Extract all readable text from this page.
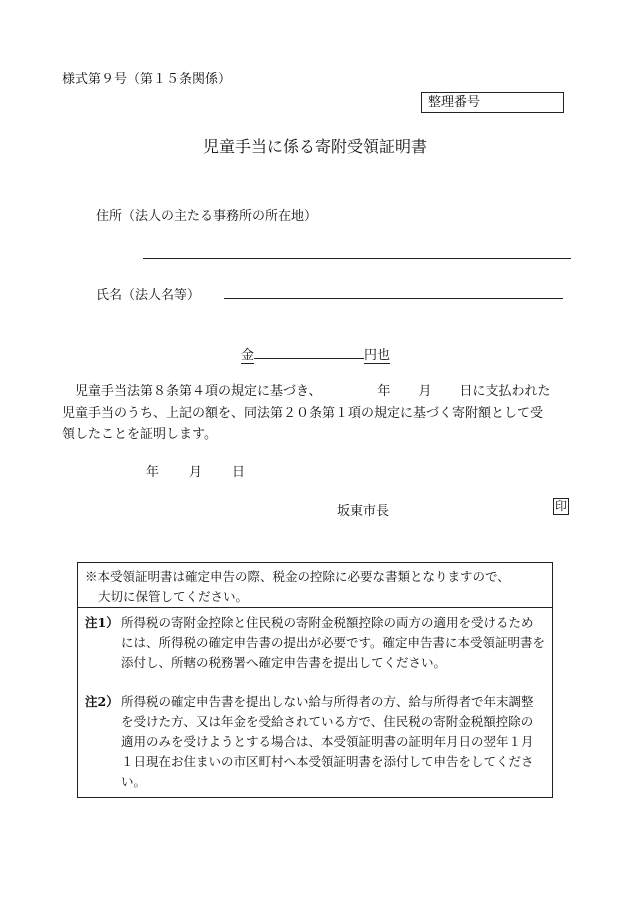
様式第９号（第１５条関係）
整理番号
児童手当に係る寄附受領証明書
住所（法人の主たる事務所の所在地）
氏名（法人名等）
金	円也

児童手当法第８条第４項の規定に基づき、	年 月 日に支払われた

児童手当のうち、上記の額を、同法第２０条第１項の規定に基づく寄附額として受

領したことを証明します。

年 月 日
坂東市長	印
※本受領証明書は確定申告の際、税金の控除に必要な書類となりますので、
大切に保管してください。
注1） 所得税の寄附金控除と住民税の寄附金税額控除の両方の適用を受けるためには、所得税の確定申告書の提出が必要です。確定申告書に本受領証明書を添付し、所轄の税務署へ確定申告書を提出してください。
注2） 所得税の確定申告書を提出しない給与所得者の方、給与所得者で年末調整を受けた方、又は年金を受給されている方で、住民税の寄附金税額控除の適用のみを受けようとする場合は、本受領証明書の証明年月日の翌年１月１日現在お住まいの市区町村へ本受領証明書を添付して申告をしてください。
